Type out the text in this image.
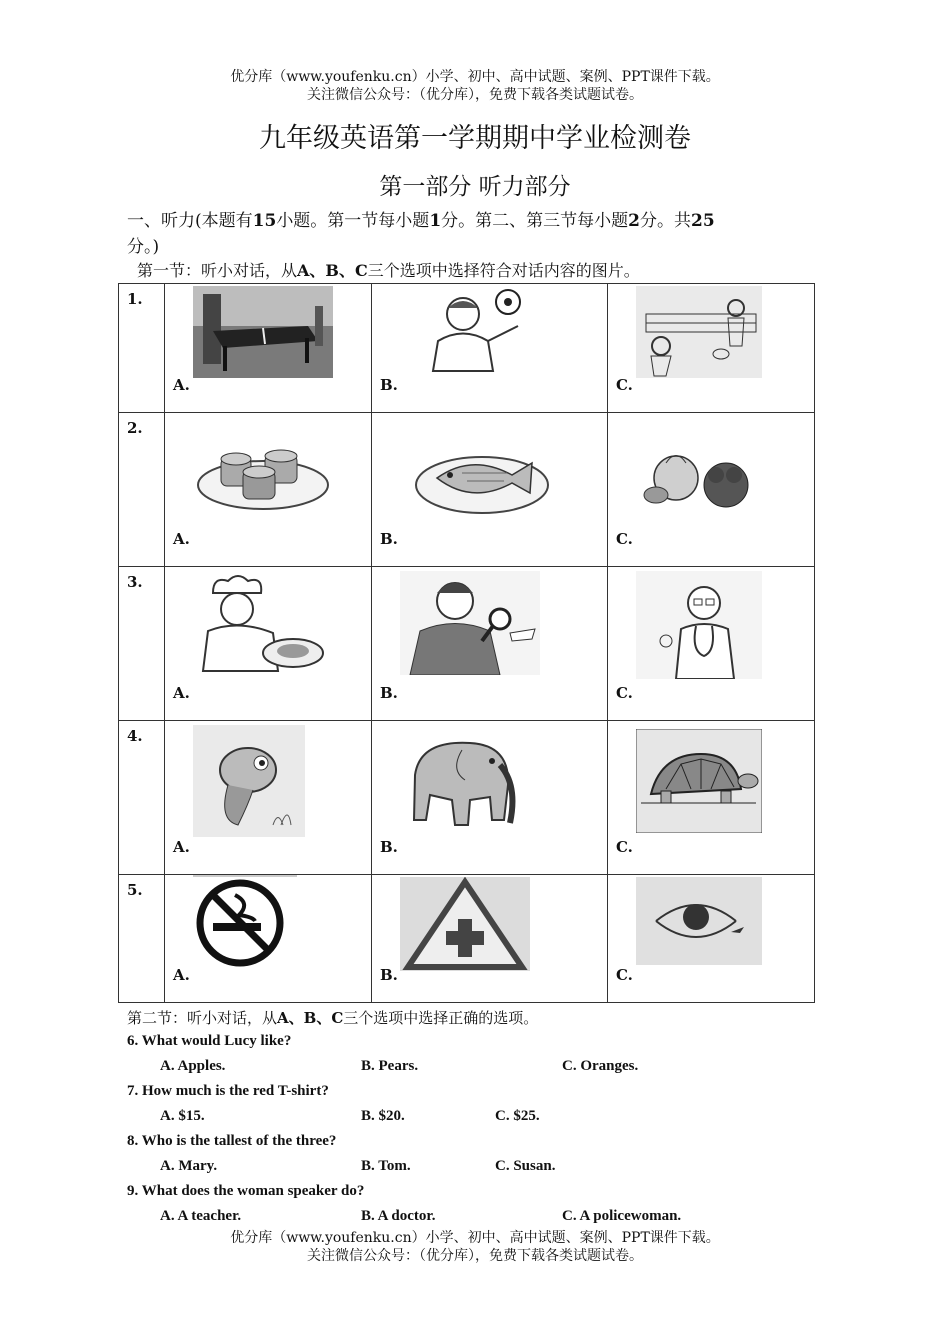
优分库（www.youfenku.cn）小学、初中、高中试题、案例、PPT课件下载。
关注微信公众号：（优分库），免费下载各类试题试卷。
九年级英语第一学期期中学业检测卷
第一部分 听力部分
一、听力(本题有15小题。第一节每小题1分。第二、第三节每小题2分。共25
分。)
第一节：听小对话，从A、B、C三个选项中选择符合对话内容的图片。
1.	A.	B.	C.

2.	A.	B.	C.

3.	A.	B.	C.

4.	A.	B.	C.

5.	A.	B.	C.
第二节：听小对话，从A、B、C三个选项中选择正确的选项。
6. What would Lucy like?
A. Apples.	B. Pears.	C. Oranges.
7. How much is the red T-shirt?
A. $15.	B. $20.	C. $25.
8. Who is the tallest of the three?
A. Mary.	B. Tom.	C. Susan.
9. What does the woman speaker do?
A. A teacher.	B. A doctor.	C. A policewoman.
优分库（www.youfenku.cn）小学、初中、高中试题、案例、PPT课件下载。
关注微信公众号：（优分库），免费下载各类试题试卷。
